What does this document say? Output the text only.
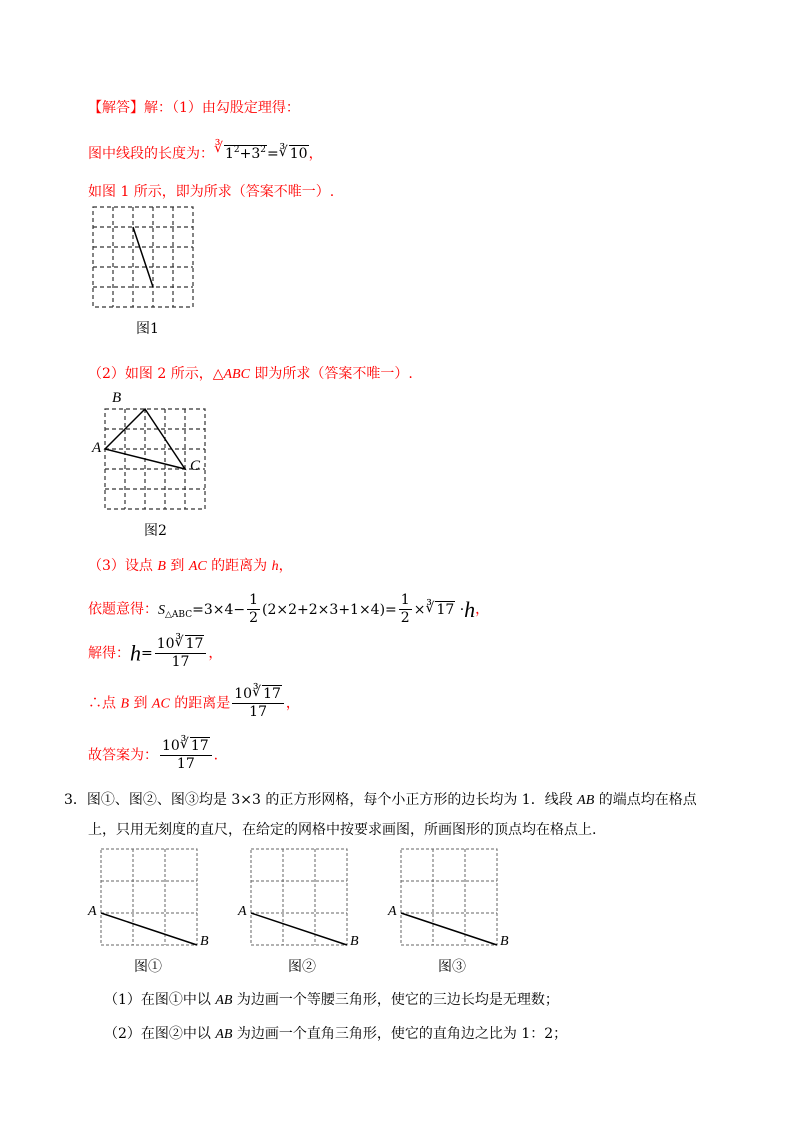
【解答】解：（1）由勾股定理得：
图中线段的长度为： ∛ $1^2+3^2=$ ∛ 10，
如图 1 所示，即为所求（答案不唯一）.
图1
（2）如图 2 所示，△ABC 即为所求（答案不唯一）.
B
A
C
图2
（3）设点 B 到 AC 的距离为 h，
依题意得：$S_{\triangle ABC}=3\times 4- \frac{1}{2} (2\times 2+2\times 3+1\times 4)= \frac{1}{2}$ × ∛ 17 ·h，
解得：$h= \frac{10 ∛ 17}{17}$ ，
∴点 B 到 AC 的距离是 $\frac{10 ∛ 17}{17}$ ，
故答案为： $\frac{10 ∛ 17}{17}$ .
3．图①、图②、图③均是 3×3 的正方形网格，每个小正方形的边长均为 1．线段 AB 的端点均在格点
上，只用无刻度的直尺，在给定的网格中按要求画图，所画图形的顶点均在格点上.
A
B
图①
A
B
图②
A
B
图③
（1）在图①中以 AB 为边画一个等腰三角形，使它的三边长均是无理数；
（2）在图②中以 AB 为边画一个直角三角形，使它的直角边之比为 1：2；
